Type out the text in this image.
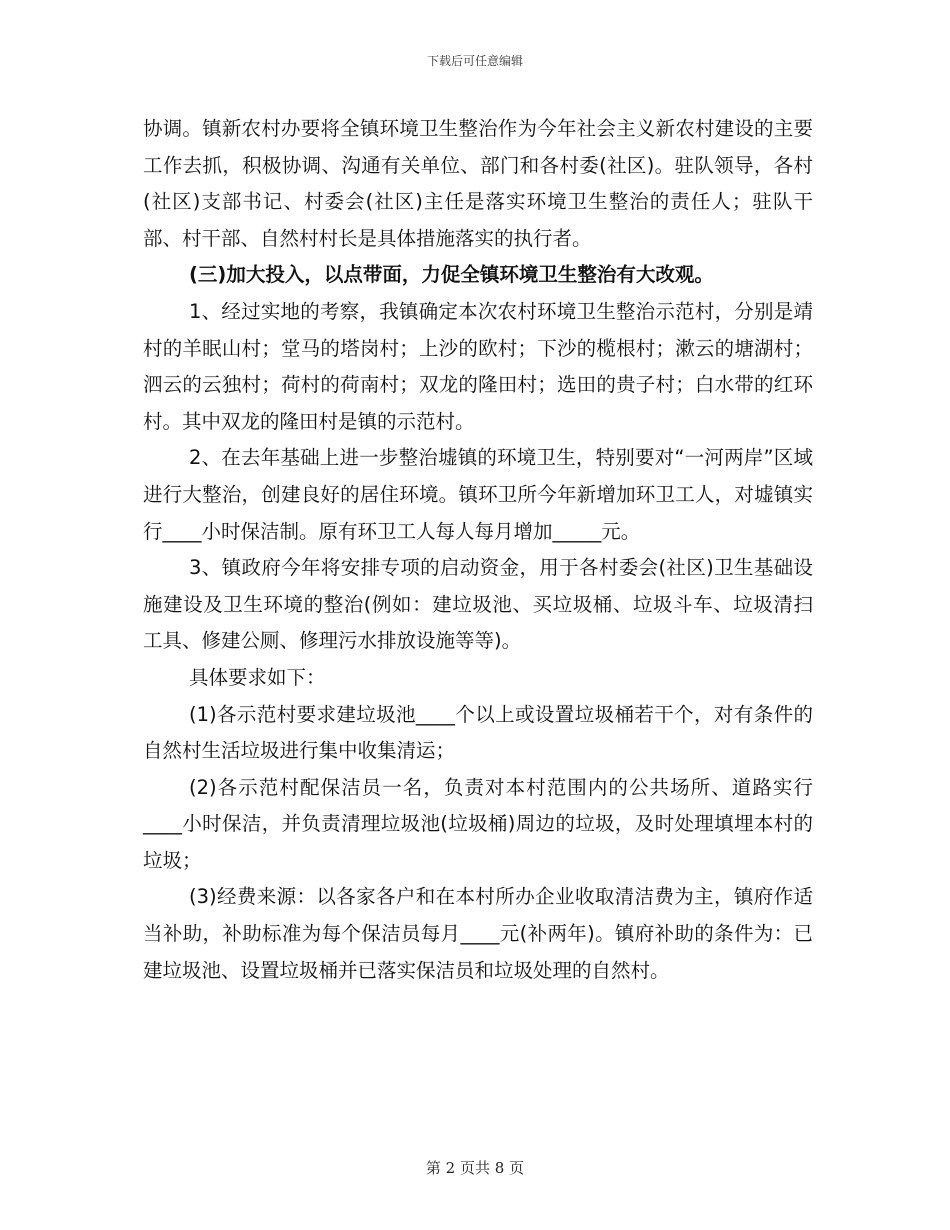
下载后可任意编辑

协调。镇新农村办要将全镇环境卫生整治作为今年社会主义新农村建设的主要工作去抓，积极协调、沟通有关单位、部门和各村委(社区)。驻队领导，各村(社区)支部书记、村委会(社区)主任是落实环境卫生整治的责任人；驻队干部、村干部、自然村村长是具体措施落实的执行者。

(三)加大投入，以点带面，力促全镇环境卫生整治有大改观。

1、经过实地的考察，我镇确定本次农村环境卫生整治示范村，分别是靖村的羊眠山村；堂马的塔岗村；上沙的欧村；下沙的榄根村；漱云的塘湖村；泗云的云独村；荷村的荷南村；双龙的隆田村；选田的贵子村；白水带的红环村。其中双龙的隆田村是镇的示范村。

2、在去年基础上进一步整治墟镇的环境卫生，特别要对“一河两岸”区域进行大整治，创建良好的居住环境。镇环卫所今年新增加环卫工人，对墟镇实行____小时保洁制。原有环卫工人每人每月增加_____元。

3、镇政府今年将安排专项的启动资金，用于各村委会(社区)卫生基础设施建设及卫生环境的整治(例如：建垃圾池、买垃圾桶、垃圾斗车、垃圾清扫工具、修建公厕、修理污水排放设施等等)。

具体要求如下：

(1)各示范村要求建垃圾池____个以上或设置垃圾桶若干个，对有条件的自然村生活垃圾进行集中收集清运；

(2)各示范村配保洁员一名，负责对本村范围内的公共场所、道路实行____小时保洁，并负责清理垃圾池(垃圾桶)周边的垃圾，及时处理填埋本村的垃圾；

(3)经费来源：以各家各户和在本村所办企业收取清洁费为主，镇府作适当补助，补助标准为每个保洁员每月____元(补两年)。镇府补助的条件为：已建垃圾池、设置垃圾桶并已落实保洁员和垃圾处理的自然村。

第 2 页共 8 页
